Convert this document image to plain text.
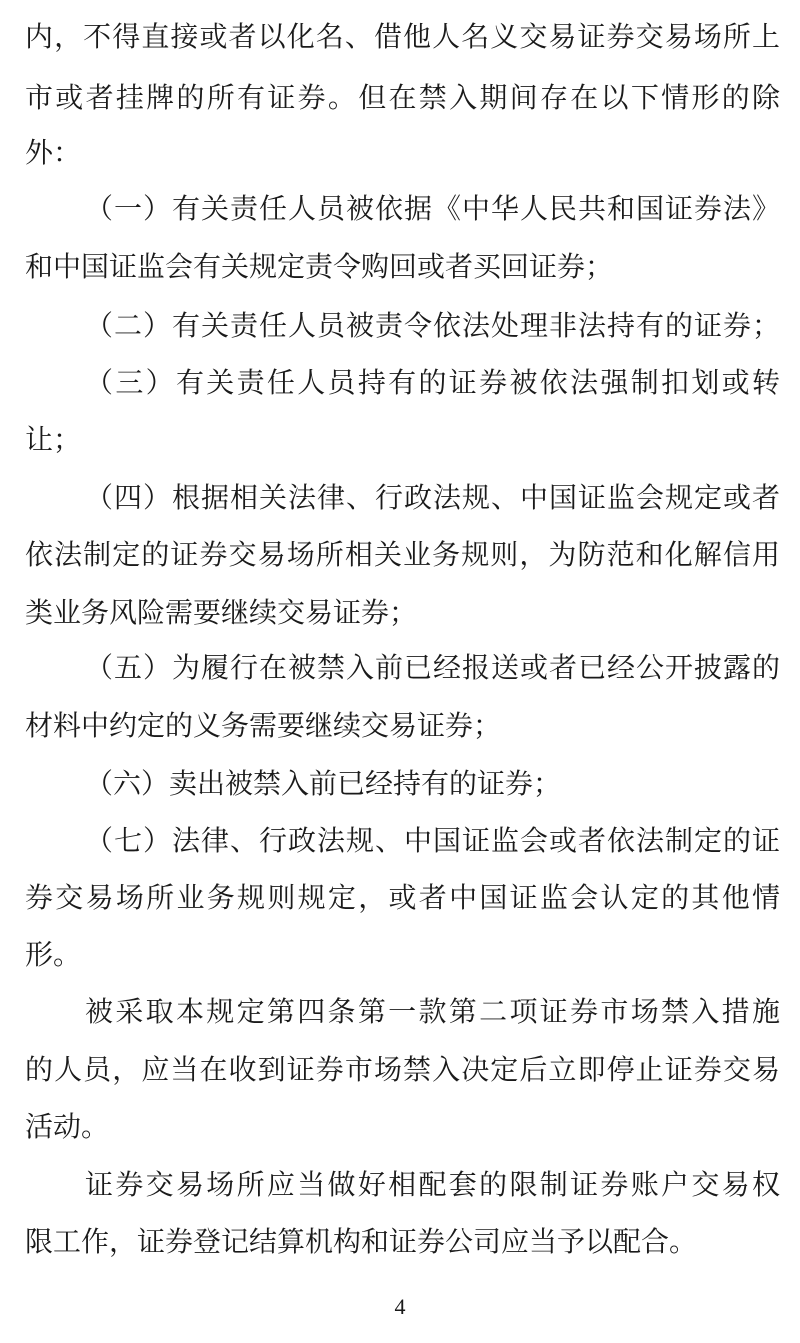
内，不得直接或者以化名、借他人名义交易证券交易场所上
市或者挂牌的所有证券。但在禁入期间存在以下情形的除
外：
（一）有关责任人员被依据《中华人民共和国证券法》
和中国证监会有关规定责令购回或者买回证券；
（二）有关责任人员被责令依法处理非法持有的证券；
（三）有关责任人员持有的证券被依法强制扣划或转
让；
（四）根据相关法律、行政法规、中国证监会规定或者
依法制定的证券交易场所相关业务规则，为防范和化解信用
类业务风险需要继续交易证券；
（五）为履行在被禁入前已经报送或者已经公开披露的
材料中约定的义务需要继续交易证券；
（六）卖出被禁入前已经持有的证券；
（七）法律、行政法规、中国证监会或者依法制定的证
券交易场所业务规则规定，或者中国证监会认定的其他情
形。
被采取本规定第四条第一款第二项证券市场禁入措施
的人员，应当在收到证券市场禁入决定后立即停止证券交易
活动。
证券交易场所应当做好相配套的限制证券账户交易权
限工作，证券登记结算机构和证券公司应当予以配合。
4
